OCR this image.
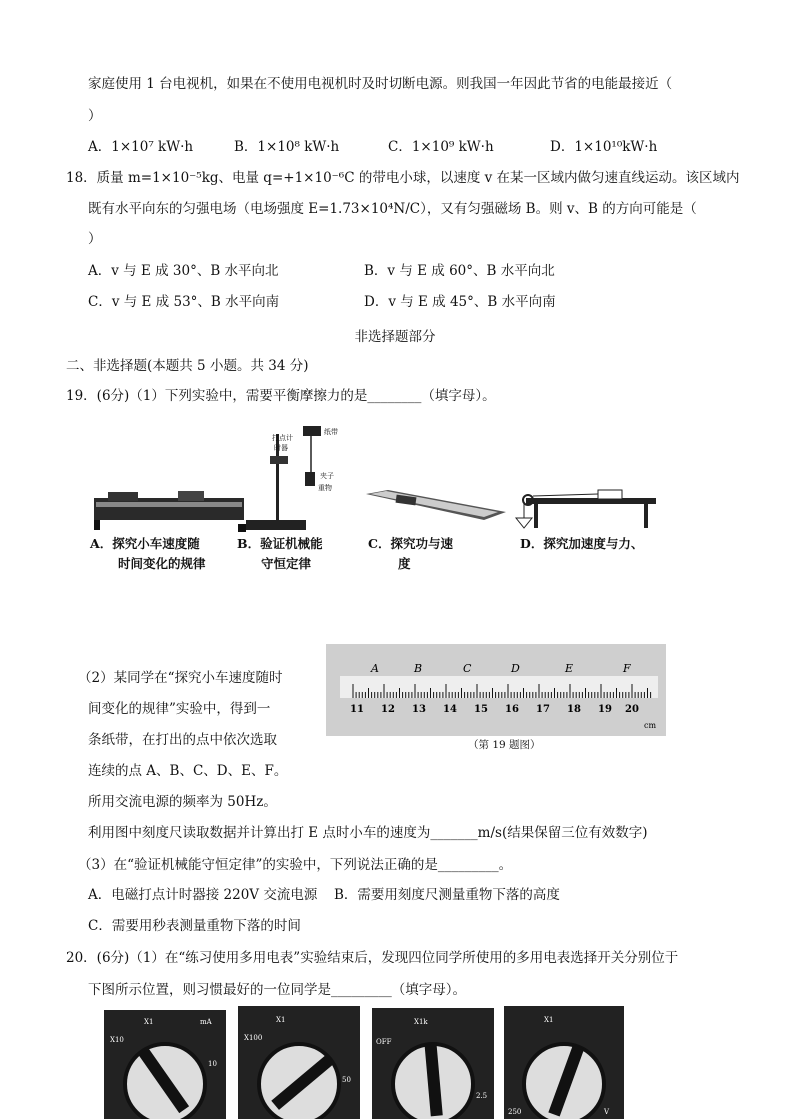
家庭使用 1 台电视机，如果在不使用电视机时及时切断电源。则我国一年因此节省的电能最接近（
）
A．1×10⁷ kW·h	B．1×10⁸ kW·h	C．1×10⁹ kW·h	D．1×10¹⁰kW·h
18．质量 m=1×10⁻⁵kg、电量 q=+1×10⁻⁶C 的带电小球，以速度 v 在某一区域内做匀速直线运动。该区域内
既有水平向东的匀强电场（电场强度 E=1.73×10⁴N/C），又有匀强磁场 B。则 v、B 的方向可能是（
）
A．v 与 E 成 30°、B 水平向北	B．v 与 E 成 60°、B 水平向北
C．v 与 E 成 53°、B 水平向南	D．v 与 E 成 45°、B 水平向南
非选择题部分
二、非选择题(本题共 5 小题。共 34 分)
19．(6分)（1）下列实验中，需要平衡摩擦力的是________（填字母）。
打点计
时器
纸带
夹子
重物
A．探究小车速度随
时间变化的规律
B．验证机械能
守恒定律
C．探究功与速
度
D．探究加速度与力、
A	B	C	D	E	F
11 12 13 14 15 16 17 18 19 20
cm
（第 19 题图）
（2）某同学在“探究小车速度随时
间变化的规律”实验中，得到一
条纸带，在打出的点中依次选取
连续的点 A、B、C、D、E、F。
所用交流电源的频率为 50Hz。
利用图中刻度尺读取数据并计算出打 E 点时小车的速度为_______m/s(结果保留三位有效数字)
（3）在“验证机械能守恒定律”的实验中，下列说法正确的是_________。
A．电磁打点计时器接 220V 交流电源 B．需要用刻度尺测量重物下落的高度
C．需要用秒表测量重物下落的时间
20．(6分)（1）在“练习使用多用电表”实验结束后，发现四位同学所使用的多用电表选择开关分别位于
下图所示位置，则习惯最好的一位同学是_________（填字母）。
X1	mA
X10
10
X1
X100
50
X1k
OFF
2.5
X1
250	V
